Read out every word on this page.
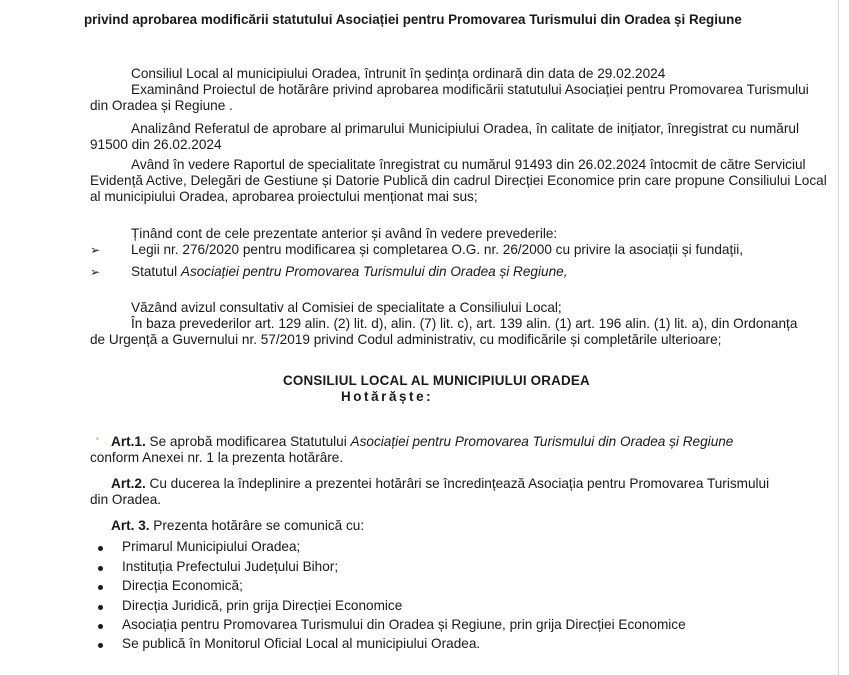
privind aprobarea modificării statutului Asociației pentru Promovarea Turismului din Oradea și Regiune
Consiliul Local al municipiului Oradea, întrunit în ședința ordinară din data de 29.02.2024
Examinând Proiectul de hotărâre privind aprobarea modificării statutului Asociației pentru Promovarea Turismului
din Oradea și Regiune .
Analizând Referatul de aprobare al primarului Municipiului Oradea, în calitate de inițiator, înregistrat cu numărul
91500 din 26.02.2024
Având în vedere Raportul de specialitate înregistrat cu numărul 91493 din 26.02.2024 întocmit de către Serviciul
Evidență Active, Delegări de Gestiune și Datorie Publică din cadrul Direcției Economice prin care propune Consiliului Local
al municipiului Oradea, aprobarea proiectului menționat mai sus;
Ținând cont de cele prezentate anterior și având în vedere prevederile:
➢ Legii nr. 276/2020 pentru modificarea și completarea O.G. nr. 26/2000 cu privire la asociații și fundații,
➢ Statutul Asociației pentru Promovarea Turismului din Oradea și Regiune,
Văzând avizul consultativ al Comisiei de specialitate a Consiliului Local;
În baza prevederilor art. 129 alin. (2) lit. d), alin. (7) lit. c), art. 139 alin. (1) art. 196 alin. (1) lit. a), din Ordonanța
de Urgență a Guvernului nr. 57/2019 privind Codul administrativ, cu modificările și completările ulterioare;
CONSILIUL LOCAL AL MUNICIPIULUI ORADEA
Hotărăște:
Art.1. Se aprobă modificarea Statutului Asociației pentru Promovarea Turismului din Oradea și Regiune
conform Anexei nr. 1 la prezenta hotărâre.
Art.2. Cu ducerea la îndeplinire a prezentei hotărâri se încredințează Asociația pentru Promovarea Turismului
din Oradea.
Art. 3. Prezenta hotărâre se comunică cu:
Primarul Municipiului Oradea;
Instituția Prefectului Județului Bihor;
Direcția Economică;
Direcția Juridică, prin grija Direcției Economice
Asociația pentru Promovarea Turismului din Oradea și Regiune, prin grija Direcției Economice
Se publică în Monitorul Oficial Local al municipiului Oradea.
